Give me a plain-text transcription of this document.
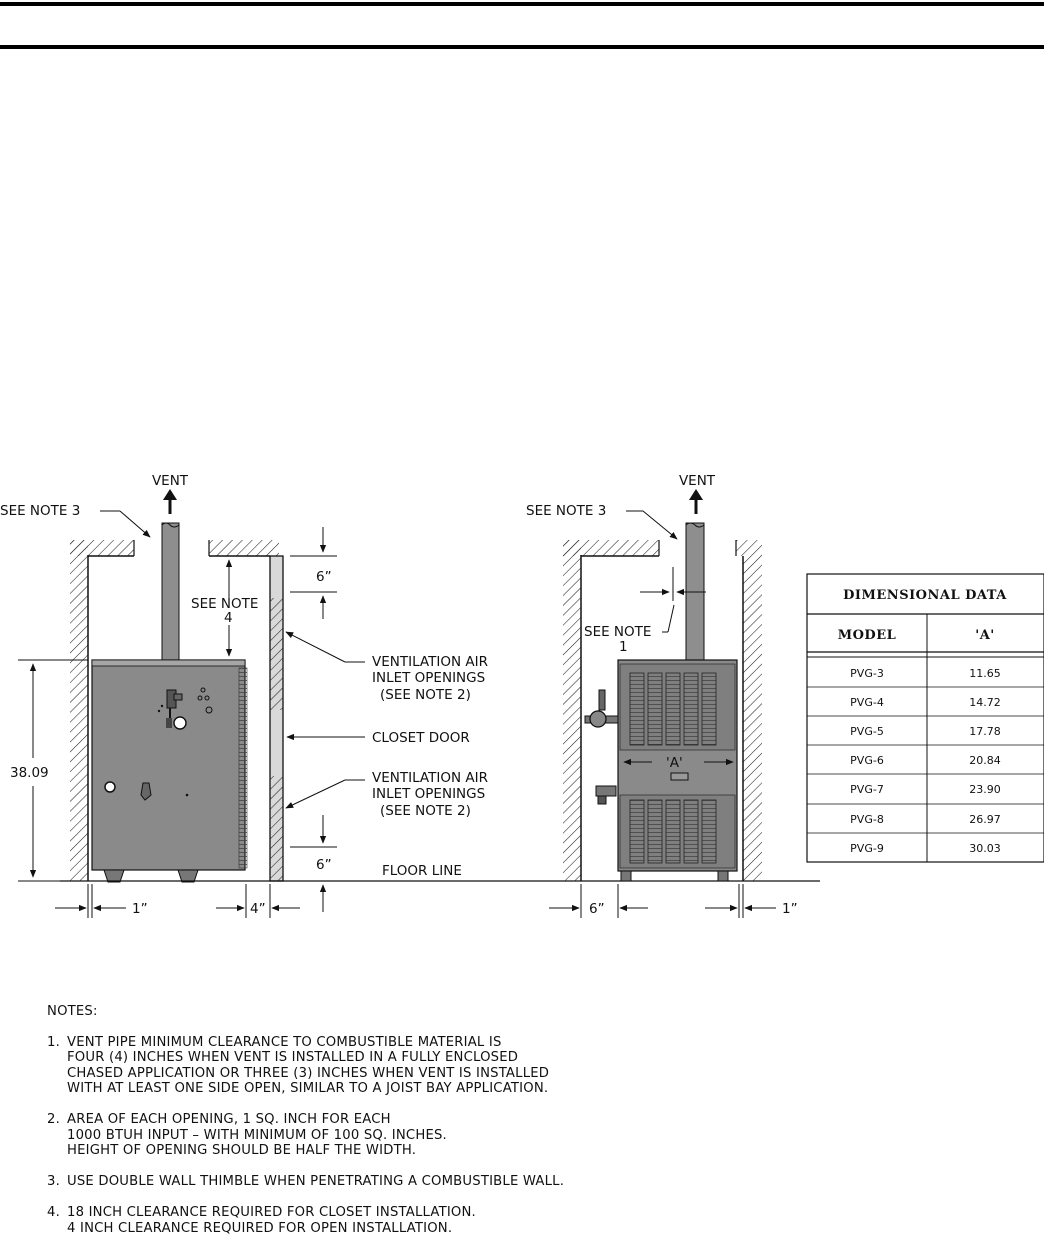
VENT
38.09
SEE NOTE 3
SEE NOTE
4
6”
VENTILATION AIR
INLET OPENINGS
(SEE NOTE 2)
CLOSET DOOR
VENTILATION AIR
INLET OPENINGS
(SEE NOTE 2)
6”
1”	4”
FLOOR LINE
VENT
'A'
SEE NOTE 3
SEE NOTE
1
6”	1”
DIMENSIONAL DATA
MODEL	'A'
PVG-3	11.65
PVG-4	14.72
PVG-5	17.78
PVG-6	20.84
PVG-7	23.90
PVG-8	26.97
PVG-9	30.03
NOTES:
1. VENT PIPE MINIMUM CLEARANCE TO COMBUSTIBLE MATERIAL IS
FOUR (4) INCHES WHEN VENT IS INSTALLED IN A FULLY ENCLOSED
CHASED APPLICATION OR THREE (3) INCHES WHEN VENT IS INSTALLED
WITH AT LEAST ONE SIDE OPEN, SIMILAR TO A JOIST BAY APPLICATION.
2. AREA OF EACH OPENING, 1 SQ. INCH FOR EACH
1000 BTUH INPUT – WITH MINIMUM OF 100 SQ. INCHES.
HEIGHT OF OPENING SHOULD BE HALF THE WIDTH.
3. USE DOUBLE WALL THIMBLE WHEN PENETRATING A COMBUSTIBLE WALL.
4. 18 INCH CLEARANCE REQUIRED FOR CLOSET INSTALLATION.
4 INCH CLEARANCE REQUIRED FOR OPEN INSTALLATION.
